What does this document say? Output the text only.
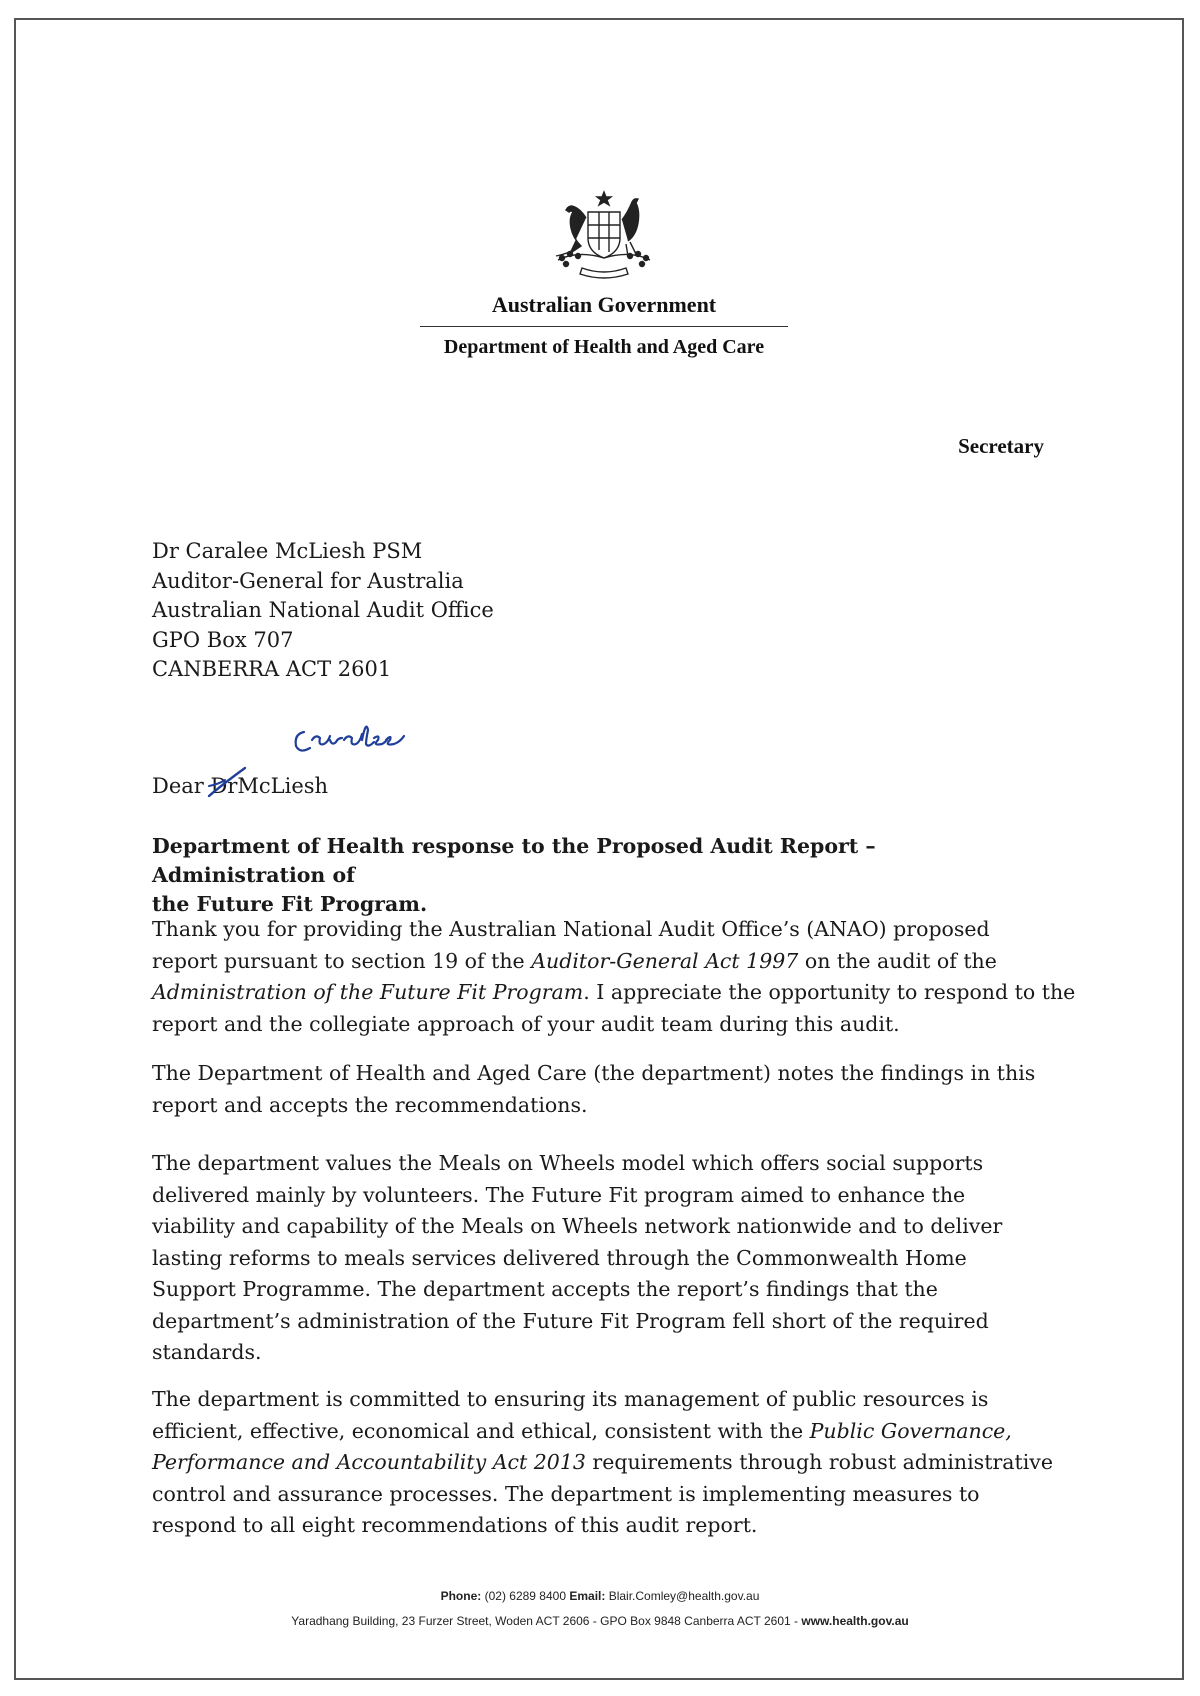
Australian Government
Department of Health and Aged Care
Secretary
Dr Caralee McLiesh PSM
Auditor-General for Australia
Australian National Audit Office
GPO Box 707
CANBERRA ACT 2601
Dear Dr
McLiesh
Department of Health response to the Proposed Audit Report – Administration of
the Future Fit Program.
Thank you for providing the Australian National Audit Office’s (ANAO) proposed
report pursuant to section 19 of the Auditor-General Act 1997 on the audit of the
Administration of the Future Fit Program. I appreciate the opportunity to respond to the
report and the collegiate approach of your audit team during this audit.
The Department of Health and Aged Care (the department) notes the findings in this
report and accepts the recommendations.
The department values the Meals on Wheels model which offers social supports
delivered mainly by volunteers. The Future Fit program aimed to enhance the
viability and capability of the Meals on Wheels network nationwide and to deliver
lasting reforms to meals services delivered through the Commonwealth Home
Support Programme. The department accepts the report’s findings that the
department’s administration of the Future Fit Program fell short of the required
standards.
The department is committed to ensuring its management of public resources is
efficient, effective, economical and ethical, consistent with the Public Governance,
Performance and Accountability Act 2013 requirements through robust administrative
control and assurance processes. The department is implementing measures to
respond to all eight recommendations of this audit report.
Phone: (02) 6289 8400 Email: Blair.Comley@health.gov.au
Yaradhang Building, 23 Furzer Street, Woden ACT 2606 - GPO Box 9848 Canberra ACT 2601 - www.health.gov.au
